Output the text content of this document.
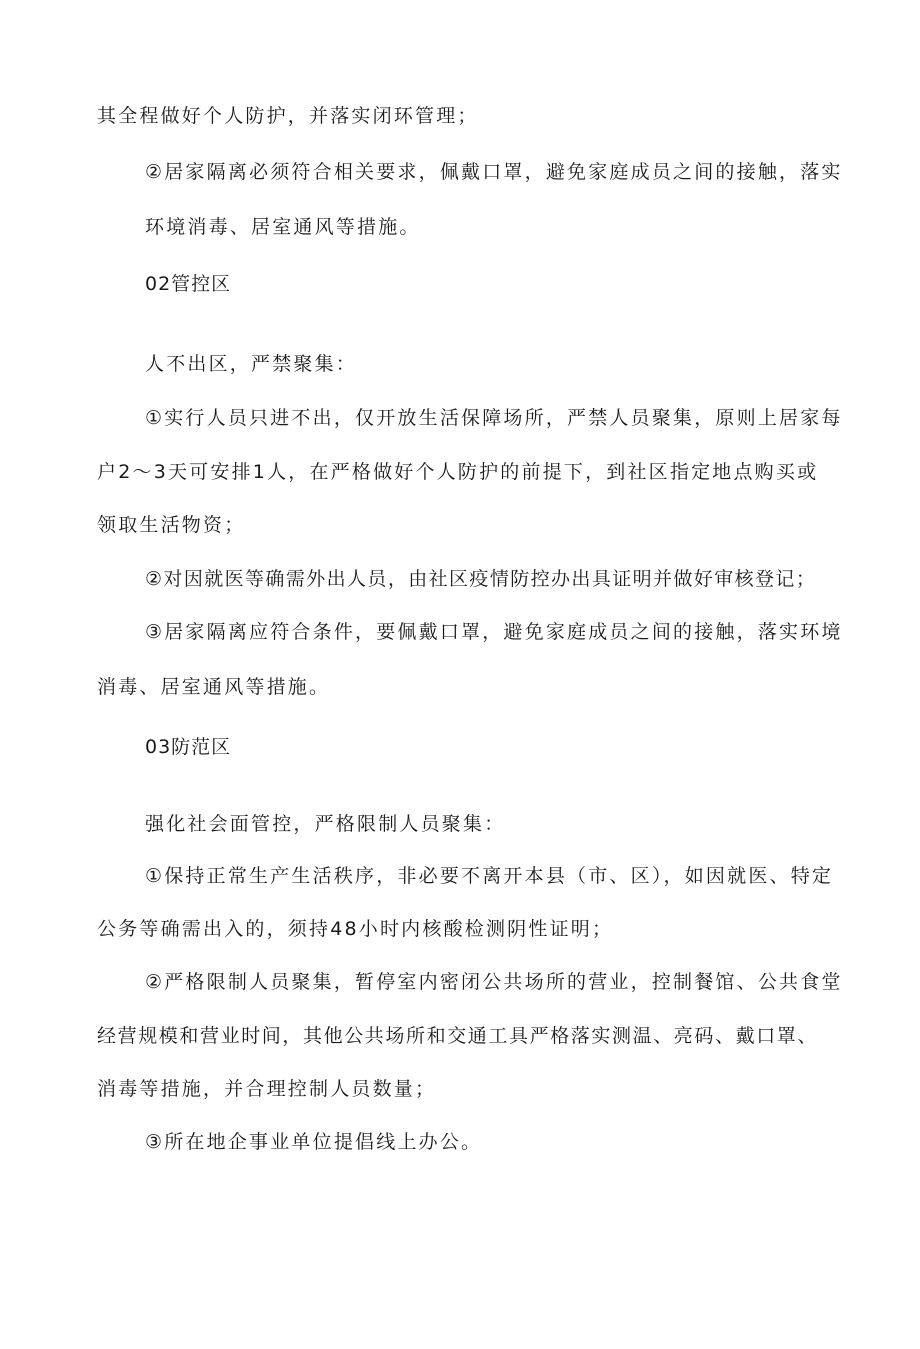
其全程做好个人防护，并落实闭环管理；
②居家隔离必须符合相关要求，佩戴口罩，避免家庭成员之间的接触，落实
环境消毒、居室通风等措施。
02管控区
人不出区，严禁聚集：
①实行人员只进不出，仅开放生活保障场所，严禁人员聚集，原则上居家每
户2～3天可安排1人，在严格做好个人防护的前提下，到社区指定地点购买或
领取生活物资；
②对因就医等确需外出人员，由社区疫情防控办出具证明并做好审核登记；
③居家隔离应符合条件，要佩戴口罩，避免家庭成员之间的接触，落实环境
消毒、居室通风等措施。
03防范区
强化社会面管控，严格限制人员聚集：
①保持正常生产生活秩序，非必要不离开本县（市、区），如因就医、特定
公务等确需出入的，须持48小时内核酸检测阴性证明；
②严格限制人员聚集，暂停室内密闭公共场所的营业，控制餐馆、公共食堂
经营规模和营业时间，其他公共场所和交通工具严格落实测温、亮码、戴口罩、
消毒等措施，并合理控制人员数量；
③所在地企事业单位提倡线上办公。
